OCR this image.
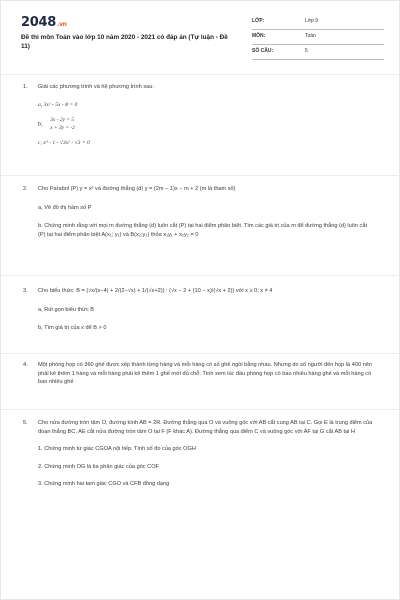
2048.vn
Đề thi môn Toán vào lớp 10 năm 2020 - 2021 có đáp án (Tự luận - Đề 11)
LỚP:	Lớp 9
MÔN:	Toán
SỐ CÂU:	5
1. Giải các phương trình và hệ phương trình sau:
a, 3x² - 5x - 8 = 0
b,
3x - 2y = 5
x + 3y = -2
c, x⁴ - 1 - √3x² - √3 = 0
2. Cho Parabol (P) y = x² và đường thẳng (d) y = (2m − 1)x − m + 2 (m là tham số)
a, Vẽ đồ thị hàm số P
b, Chứng minh rằng với mọi m đường thẳng (d) luôn cắt (P) tại hai điểm phân biệt. Tìm các giá trị của m để đường thẳng (d) luôn cắt (P) tại hai điểm phân biệt A(x₁; y₁) và B(x₂;y₂) thỏa x₁y₁ + x₂y₂ = 0
3. Cho biểu thức: B = (√x/(x−4) + 2/(2−√x) + 1/(√x+2)) : (√x − 2 + (10 − x)/(√x + 2)) với x ≥ 0; x ≠ 4
a, Rút gọn biểu thức B
b, Tìm giá trị của x để B > 0
4. Một phòng họp có 360 ghế được xếp thành từng hàng và mỗi hàng có số ghế ngồi bằng nhau. Nhưng do số người đến họp là 400 nên phải kê thêm 1 hàng và mỗi hàng phải kê thêm 1 ghế mới đủ chỗ. Tính xem lúc đầu phòng họp có bao nhiêu hàng ghế và mỗi hàng có bao nhiêu ghế
5. Cho nửa đường tròn tâm O, đường kính AB = 2R. Đường thẳng qua O và vuông góc với AB cắt cung AB tại C. Gọi E là trung điểm của đoạn thẳng BC, AE cắt nửa đường tròn tâm O tại F (F khác A). Đường thẳng qua điểm C và vuông góc với AF tại G cắt AB tại H
1. Chứng minh tứ giác CGOA nội tiếp. Tính số đo của góc OGH
2. Chứng minh OG là tia phân giác của góc COF
3. Chứng minh hai tam giác CGO và CFB đồng dạng
